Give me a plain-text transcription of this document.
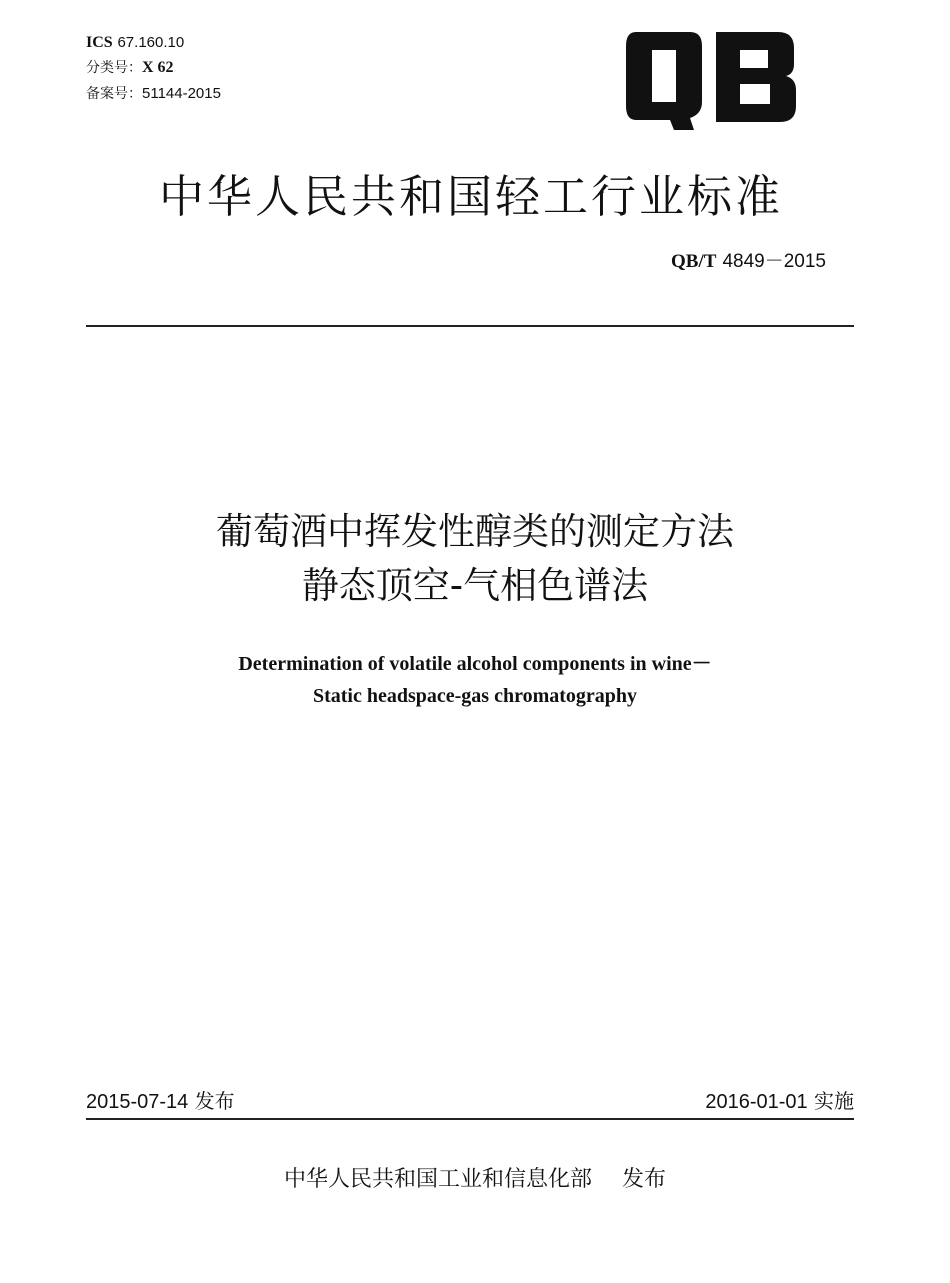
ICS 67.160.10
分类号：X 62
备案号：51144-2015
中华人民共和国轻工行业标准
QB/T 4849－2015
葡萄酒中挥发性醇类的测定方法
静态顶空-气相色谱法
Determination of volatile alcohol components in wine－
Static headspace-gas chromatography
2015-07-14 发布	2016-01-01 实施
中华人民共和国工业和信息化部 发布
